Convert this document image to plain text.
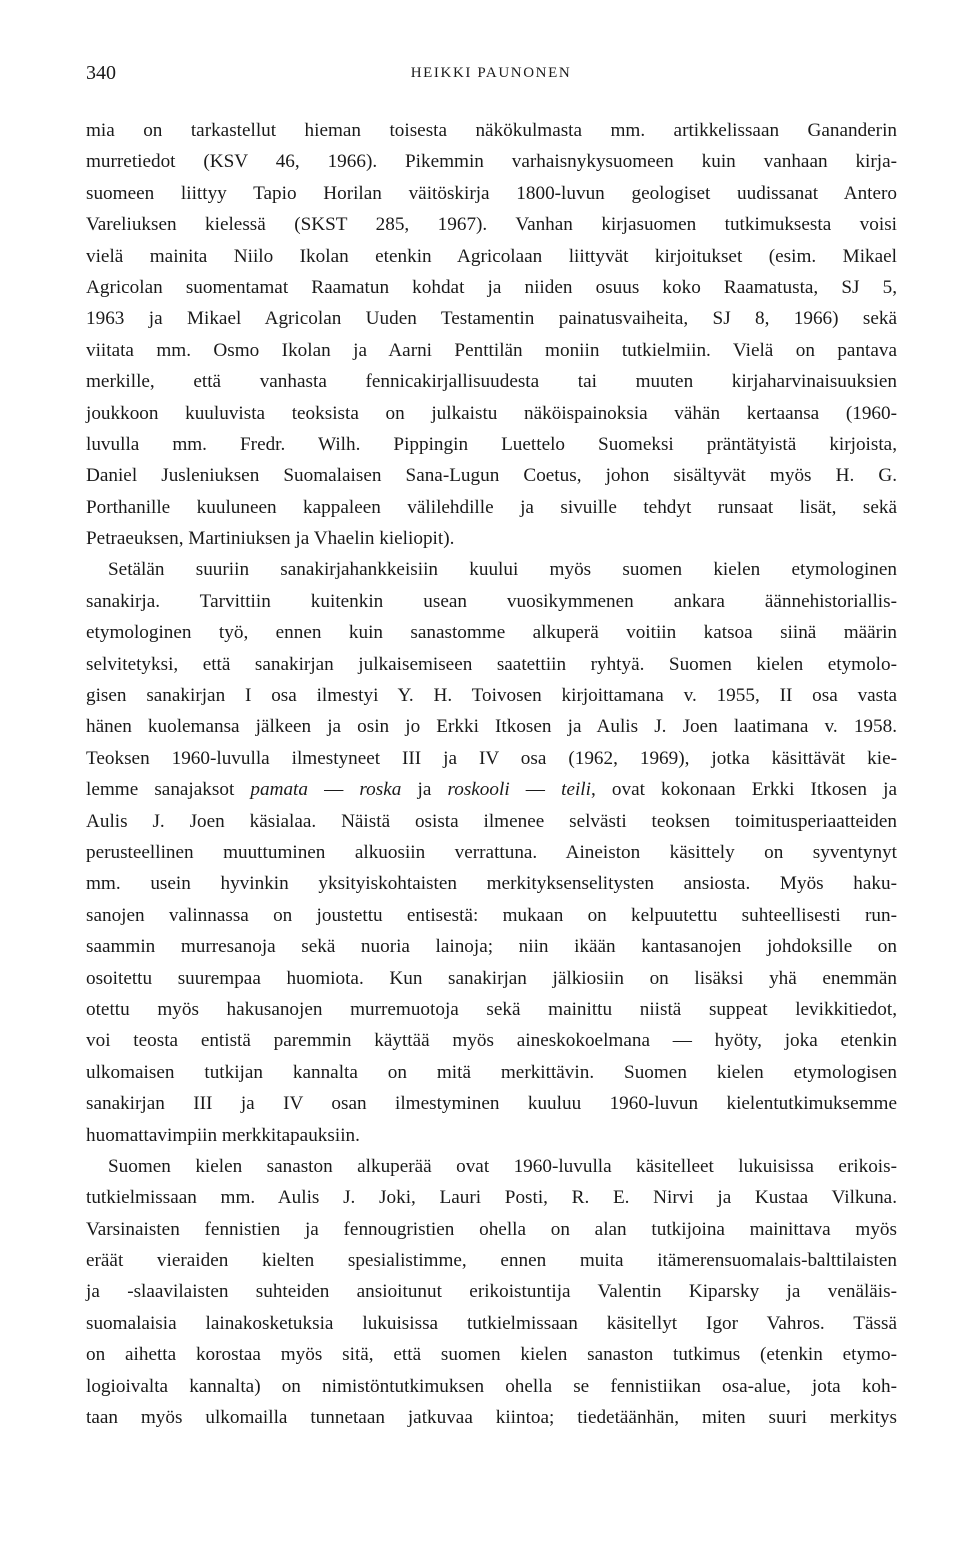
340	HEIKKI PAUNONEN
mia on tarkastellut hieman toisesta näkökulmasta mm. artikkelissaan Gananderin
murretiedot (KSV 46, 1966). Pikemmin varhaisnykysuomeen kuin vanhaan kirja-
suomeen liittyy Tapio Horilan väitöskirja 1800-luvun geologiset uudissanat Antero
Vareliuksen kielessä (SKST 285, 1967). Vanhan kirjasuomen tutkimuksesta voisi
vielä mainita Niilo Ikolan etenkin Agricolaan liittyvät kirjoitukset (esim. Mikael
Agricolan suomentamat Raamatun kohdat ja niiden osuus koko Raamatusta, SJ 5,
1963 ja Mikael Agricolan Uuden Testamentin painatusvaiheita, SJ 8, 1966) sekä
viitata mm. Osmo Ikolan ja Aarni Penttilän moniin tutkielmiin. Vielä on pantava
merkille, että vanhasta fennicakirjallisuudesta tai muuten kirjaharvinaisuuksien
joukkoon kuuluvista teoksista on julkaistu näköispainoksia vähän kertaansa (1960-
luvulla mm. Fredr. Wilh. Pippingin Luettelo Suomeksi präntätyistä kirjoista,
Daniel Jusleniuksen Suomalaisen Sana-Lugun Coetus, johon sisältyvät myös H. G.
Porthanille kuuluneen kappaleen välilehdille ja sivuille tehdyt runsaat lisät, sekä
Petraeuksen, Martiniuksen ja Vhaelin kieliopit).
Setälän suuriin sanakirjahankkeisiin kuului myös suomen kielen etymologinen
sanakirja. Tarvittiin kuitenkin usean vuosikymmenen ankara äännehistoriallis-
etymologinen työ, ennen kuin sanastomme alkuperä voitiin katsoa siinä määrin
selvitetyksi, että sanakirjan julkaisemiseen saatettiin ryhtyä. Suomen kielen etymolo-
gisen sanakirjan I osa ilmestyi Y. H. Toivosen kirjoittamana v. 1955, II osa vasta
hänen kuolemansa jälkeen ja osin jo Erkki Itkosen ja Aulis J. Joen laatimana v. 1958.
Teoksen 1960-luvulla ilmestyneet III ja IV osa (1962, 1969), jotka käsittävät kie-
lemme sanajaksot pamata — roska ja roskooli — teili, ovat kokonaan Erkki Itkosen ja
Aulis J. Joen käsialaa. Näistä osista ilmenee selvästi teoksen toimitusperiaatteiden
perusteellinen muuttuminen alkuosiin verrattuna. Aineiston käsittely on syventynyt
mm. usein hyvinkin yksityiskohtaisten merkityksenselitysten ansiosta. Myös haku-
sanojen valinnassa on joustettu entisestä: mukaan on kelpuutettu suhteellisesti run-
saammin murresanoja sekä nuoria lainoja; niin ikään kantasanojen johdoksille on
osoitettu suurempaa huomiota. Kun sanakirjan jälkiosiin on lisäksi yhä enemmän
otettu myös hakusanojen murremuotoja sekä mainittu niistä suppeat levikkitiedot,
voi teosta entistä paremmin käyttää myös aineskokoelmana — hyöty, joka etenkin
ulkomaisen tutkijan kannalta on mitä merkittävin. Suomen kielen etymologisen
sanakirjan III ja IV osan ilmestyminen kuuluu 1960-luvun kielentutkimuksemme
huomattavimpiin merkkitapauksiin.
Suomen kielen sanaston alkuperää ovat 1960-luvulla käsitelleet lukuisissa erikois-
tutkielmissaan mm. Aulis J. Joki, Lauri Posti, R. E. Nirvi ja Kustaa Vilkuna.
Varsinaisten fennistien ja fennougristien ohella on alan tutkijoina mainittava myös
eräät vieraiden kielten spesialistimme, ennen muita itämerensuomalais-balttilaisten
ja -slaavilaisten suhteiden ansioitunut erikoistuntija Valentin Kiparsky ja venäläis-
suomalaisia lainakosketuksia lukuisissa tutkielmissaan käsitellyt Igor Vahros. Tässä
on aihetta korostaa myös sitä, että suomen kielen sanaston tutkimus (etenkin etymo-
logioivalta kannalta) on nimistöntutkimuksen ohella se fennistiikan osa-alue, jota koh-
taan myös ulkomailla tunnetaan jatkuvaa kiintoa; tiedetäänhän, miten suuri merkitys
